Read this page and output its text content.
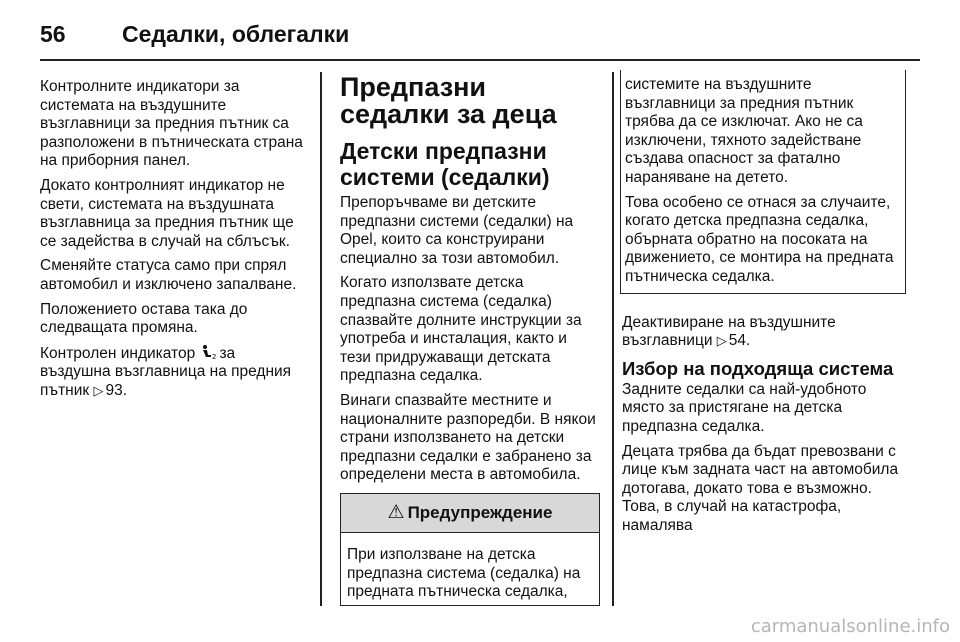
56	Седалки, облегалки

Контролните индикатори за системата на въздушните възглавници за предния пътник са разположени в пътническата страна на приборния панел.

Докато контролният индикатор не свети, системата на въздушната възглавница за предния пътник ще се задейства в случай на сблъсък.

Сменяйте статуса само при спрял автомобил и изключено запалване.

Положението остава така до следващата промяна.

Контролен индикатор 2 за въздушна възглавница на предния пътник ▷ 93.

Предпазни седалки за деца
Детски предпазни системи (седалки)

Препоръчваме ви детските предпазни системи (седалки) на Opel, които са конструирани специално за този автомобил.

Когато използвате детска предпазна система (седалка) спазвайте долните инструкции за употреба и инсталация, както и тези придружаващи детската предпазна седалка.

Винаги спазвайте местните и националните разпоредби. В някои страни използването на детски предпазни седалки е забранено за определени места в автомобила.

⚠ Предупреждение
При използване на детска предпазна система (седалка) на предната пътническа седалка,

системите на въздушните възглавници за предния пътник трябва да се изключат. Ако не са изключени, тяхното задействане създава опасност за фатално нараняване на детето.

Това особено се отнася за случаите, когато детска предпазна седалка, обърната обратно на посоката на движението, се монтира на предната пътническа седалка.

Деактивиране на въздушните възглавници ▷ 54.

Избор на подходяща система

Задните седалки са най-удобното място за пристягане на детска предпазна седалка.

Децата трябва да бъдат превозвани с лице към задната част на автомобила дотогава, докато това е възможно. Това, в случай на катастрофа, намалява

carmanualsonline.info
